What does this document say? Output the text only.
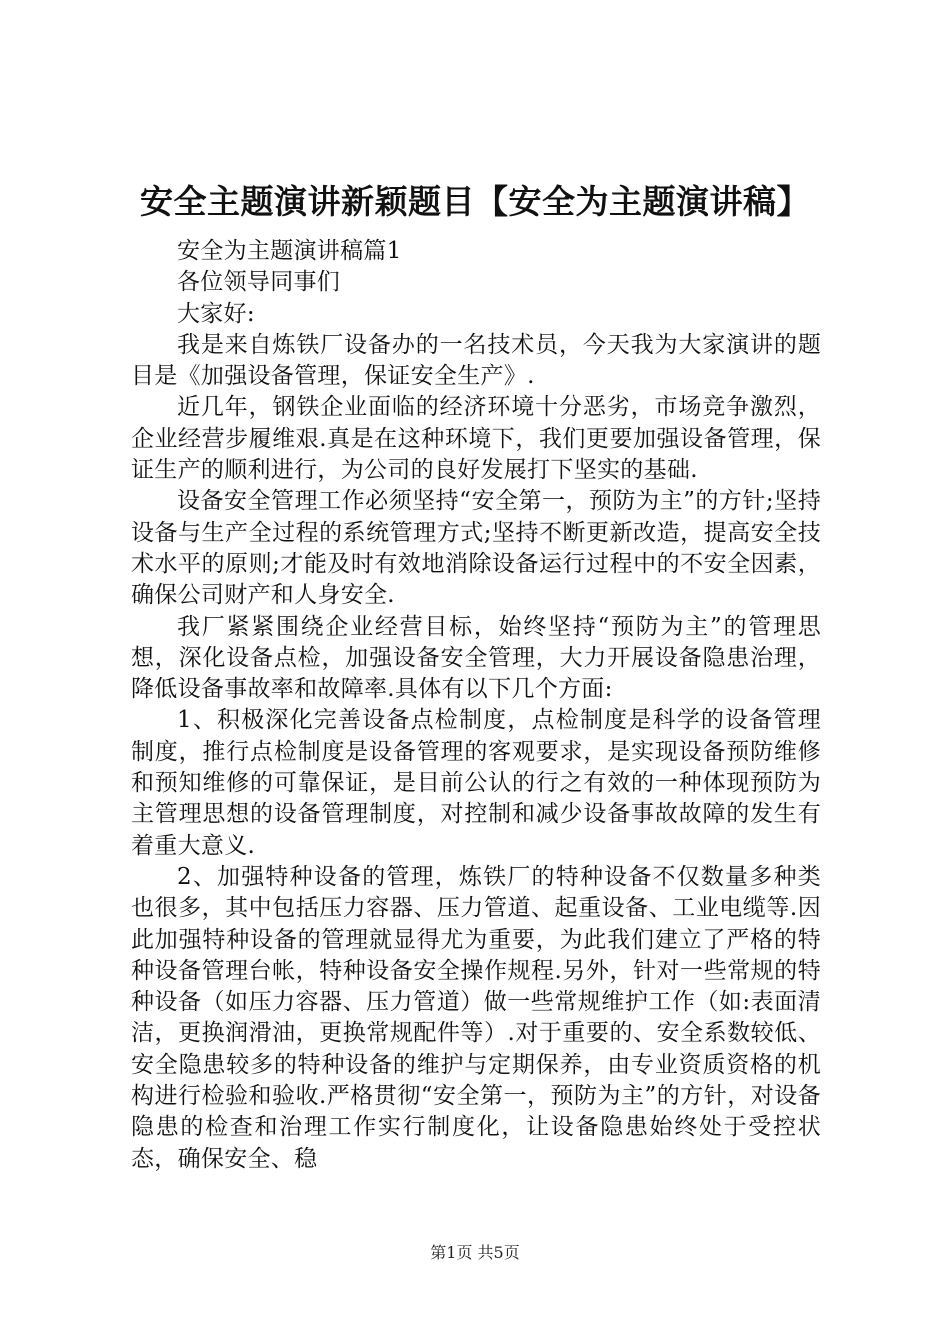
安全主题演讲新颖题目【安全为主题演讲稿】

安全为主题演讲稿篇1

各位领导同事们

大家好:

我是来自炼铁厂设备办的一名技术员，今天我为大家演讲的题目是《加强设备管理，保证安全生产》.

近几年，钢铁企业面临的经济环境十分恶劣，市场竞争激烈，企业经营步履维艰.真是在这种环境下，我们更要加强设备管理，保证生产的顺利进行，为公司的良好发展打下坚实的基础.

设备安全管理工作必须坚持“安全第一，预防为主”的方针;坚持设备与生产全过程的系统管理方式;坚持不断更新改造，提高安全技术水平的原则;才能及时有效地消除设备运行过程中的不安全因素，确保公司财产和人身安全.

我厂紧紧围绕企业经营目标，始终坚持“预防为主”的管理思想，深化设备点检，加强设备安全管理，大力开展设备隐患治理，降低设备事故率和故障率.具体有以下几个方面:

1、积极深化完善设备点检制度，点检制度是科学的设备管理制度，推行点检制度是设备管理的客观要求，是实现设备预防维修和预知维修的可靠保证，是目前公认的行之有效的一种体现预防为主管理思想的设备管理制度，对控制和减少设备事故故障的发生有着重大意义.

2、加强特种设备的管理，炼铁厂的特种设备不仅数量多种类也很多，其中包括压力容器、压力管道、起重设备、工业电缆等.因此加强特种设备的管理就显得尤为重要，为此我们建立了严格的特种设备管理台帐，特种设备安全操作规程.另外，针对一些常规的特种设备（如压力容器、压力管道）做一些常规维护工作（如:表面清洁，更换润滑油，更换常规配件等）.对于重要的、安全系数较低、安全隐患较多的特种设备的维护与定期保养，由专业资质资格的机构进行检验和验收.严格贯彻“安全第一，预防为主”的方针，对设备隐患的检查和治理工作实行制度化，让设备隐患始终处于受控状态，确保安全、稳

第1页 共5页
